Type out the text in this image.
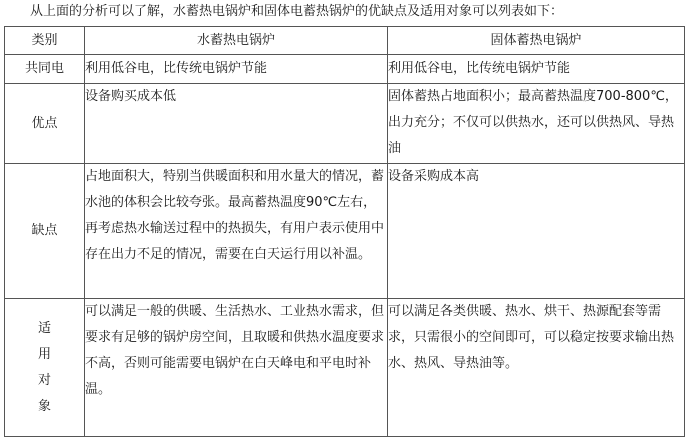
从上面的分析可以了解，水蓄热电锅炉和固体电蓄热锅炉的优缺点及适用对象可以列表如下：
类别	水蓄热电锅炉	固体蓄热电锅炉
共同电	利用低谷电，比传统电锅炉节能	利用低谷电，比传统电锅炉节能
优点	设备购买成本低	固体蓄热占地面积小；最高蓄热温度700-800℃，出力充分；不仅可以供热水，还可以供热风、导热油
缺点	占地面积大，特别当供暖面积和用水量大的情况，蓄水池的体积会比较夸张。最高蓄热温度90℃左右，再考虑热水输送过程中的热损失，有用户表示使用中存在出力不足的情况，需要在白天运行用以补温。	设备采购成本高

适
用
对
象	可以满足一般的供暖、生活热水、工业热水需求，但要求有足够的锅炉房空间，且取暖和供热水温度要求不高，否则可能需要电锅炉在白天峰电和平电时补温。	可以满足各类供暖、热水、烘干、热源配套等需求，只需很小的空间即可，可以稳定按要求输出热水、热风、导热油等。
